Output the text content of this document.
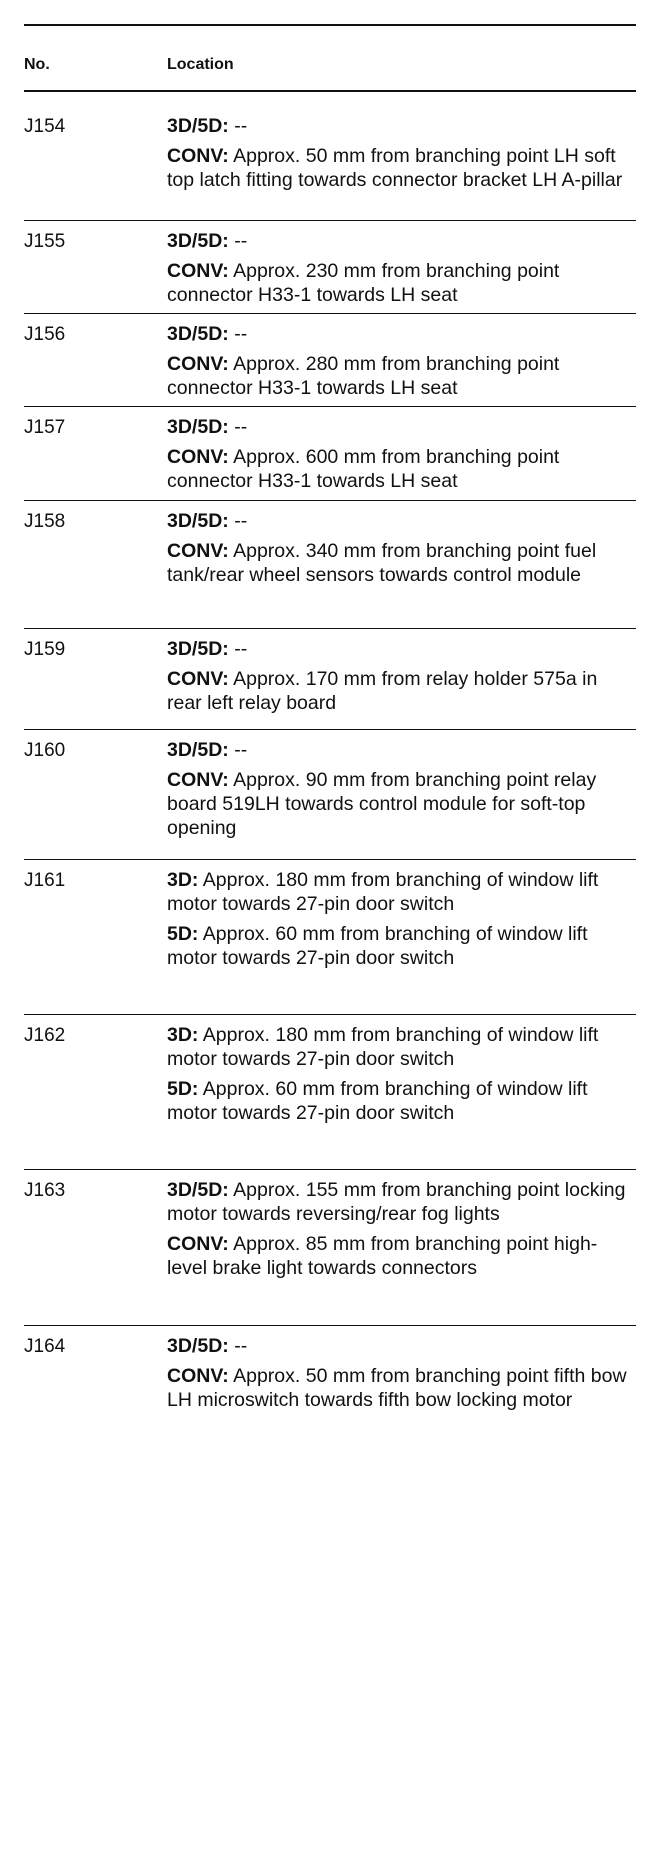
No.	Location
J154	3D/5D: --

CONV: Approx. 50 mm from branching point LH soft top latch fitting towards connector bracket LH A-pillar

J155	3D/5D: --

CONV: Approx. 230 mm from branching point connector H33-1 towards LH seat

J156	3D/5D: --

CONV: Approx. 280 mm from branching point connector H33-1 towards LH seat

J157	3D/5D: --

CONV: Approx. 600 mm from branching point connector H33-1 towards LH seat

J158	3D/5D: --

CONV: Approx. 340 mm from branching point fuel tank/rear wheel sensors towards control module

J159	3D/5D: --

CONV: Approx. 170 mm from relay holder 575a in rear left relay board

J160	3D/5D: --

CONV: Approx. 90 mm from branching point relay board 519LH towards control module for soft-top opening

J161	3D: Approx. 180 mm from branching of window lift motor towards 27-pin door switch

5D: Approx. 60 mm from branching of window lift motor towards 27-pin door switch

J162	3D: Approx. 180 mm from branching of window lift motor towards 27-pin door switch

5D: Approx. 60 mm from branching of window lift motor towards 27-pin door switch

J163	3D/5D: Approx. 155 mm from branching point locking motor towards reversing/rear fog lights

CONV: Approx. 85 mm from branching point high-level brake light towards connectors

J164	3D/5D: --

CONV: Approx. 50 mm from branching point fifth bow LH microswitch towards fifth bow locking motor
